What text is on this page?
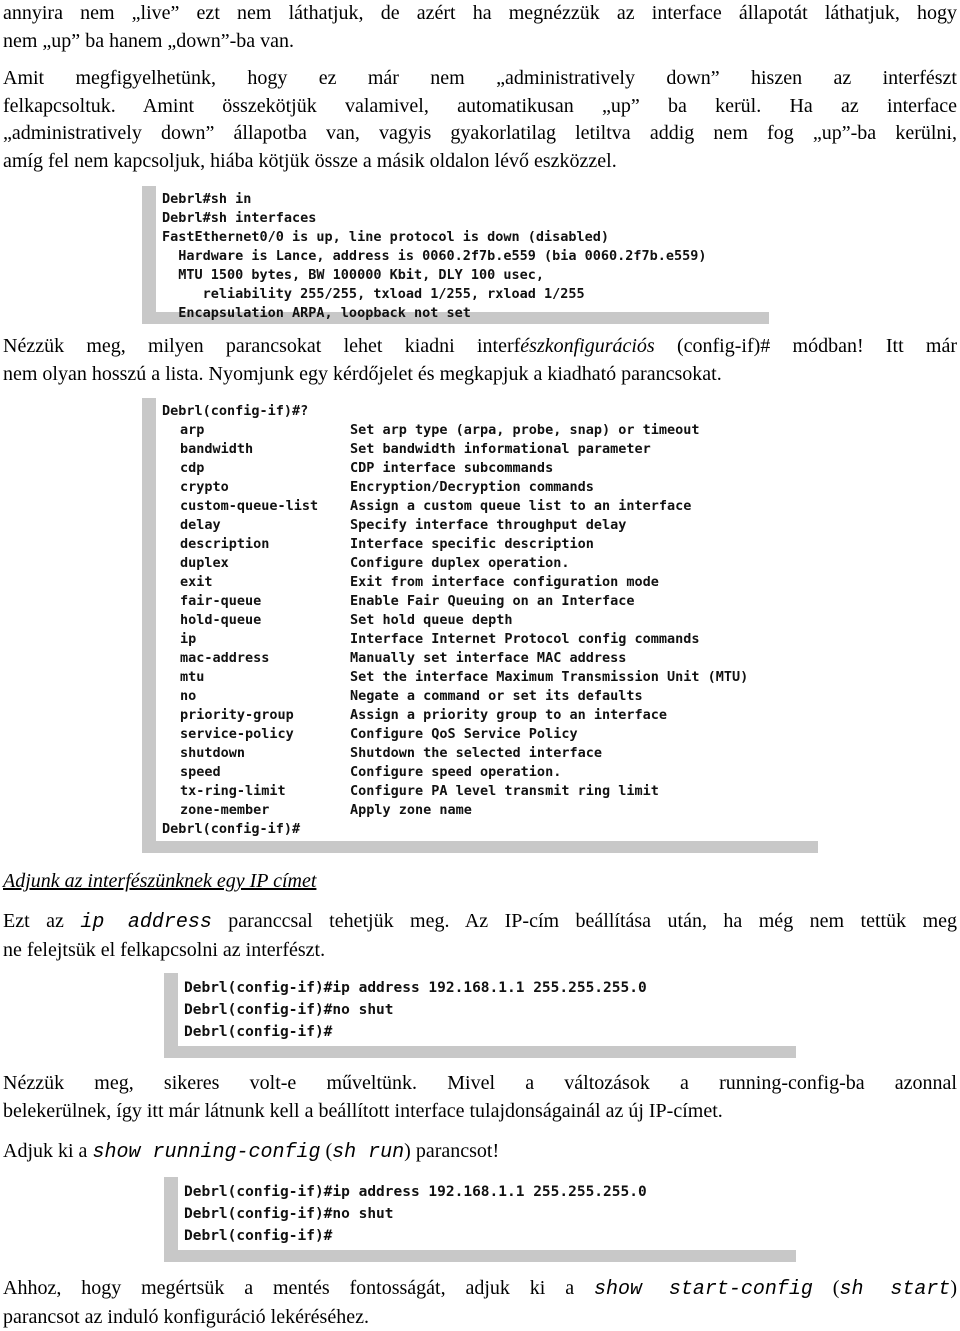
annyira nem „live” ezt nem láthatjuk, de azért ha megnézzük az interface állapotát láthatjuk, hogy
nem „up” ba hanem „down”-ba van.

Amit megfigyelhetünk, hogy ez már nem „administratively down” hiszen az interfészt
felkapcsoltuk. Amint összekötjük valamivel, automatikusan „up” ba kerül. Ha az interface
„administratively down” állapotba van, vagyis gyakorlatilag letiltva addig nem fog „up”-ba kerülni,
amíg fel nem kapcsoljuk, hiába kötjük össze a másik oldalon lévő eszközzel.

Debrl#sh in
Debrl#sh interfaces
FastEthernet0/0 is up, line protocol is down (disabled)
Hardware is Lance, address is 0060.2f7b.e559 (bia 0060.2f7b.e559)
MTU 1500 bytes, BW 100000 Kbit, DLY 100 usec,
reliability 255/255, txload 1/255, rxload 1/255
Encapsulation ARPA, loopback not set

Nézzük meg, milyen parancsokat lehet kiadni interfészkonfigurációs (config-if)# módban! Itt már
nem olyan hosszú a lista. Nyomjunk egy kérdőjelet és megkapjuk a kiadható parancsokat.

Debrl(config-if)#?
arp	Set arp type (arpa, probe, snap) or timeout
bandwidth	Set bandwidth informational parameter
cdp	CDP interface subcommands
crypto	Encryption/Decryption commands
custom-queue-list	Assign a custom queue list to an interface
delay	Specify interface throughput delay
description	Interface specific description
duplex	Configure duplex operation.
exit	Exit from interface configuration mode
fair-queue	Enable Fair Queuing on an Interface
hold-queue	Set hold queue depth
ip	Interface Internet Protocol config commands
mac-address	Manually set interface MAC address
mtu	Set the interface Maximum Transmission Unit (MTU)
no	Negate a command or set its defaults
priority-group	Assign a priority group to an interface
service-policy	Configure QoS Service Policy
shutdown	Shutdown the selected interface
speed	Configure speed operation.
tx-ring-limit	Configure PA level transmit ring limit
zone-member	Apply zone name
Debrl(config-if)#
Adjunk az interfészünknek egy IP címet

Ezt az ip address paranccsal tehetjük meg. Az IP-cím beállítása után, ha még nem tettük meg
ne felejtsük el felkapcsolni az interfészt.

Debrl(config-if)#ip address 192.168.1.1 255.255.255.0
Debrl(config-if)#no shut
Debrl(config-if)#

Nézzük meg, sikeres volt-e műveltünk. Mivel a változások a running-config-ba azonnal
belekerülnek, így itt már látnunk kell a beállított interface tulajdonságainál az új IP-címet.

Adjuk ki a show running-config (sh run) parancsot!

Debrl(config-if)#ip address 192.168.1.1 255.255.255.0
Debrl(config-if)#no shut
Debrl(config-if)#

Ahhoz, hogy megértsük a mentés fontosságát, adjuk ki a show start-config (sh start)
parancsot az induló konfiguráció lekéréséhez.
